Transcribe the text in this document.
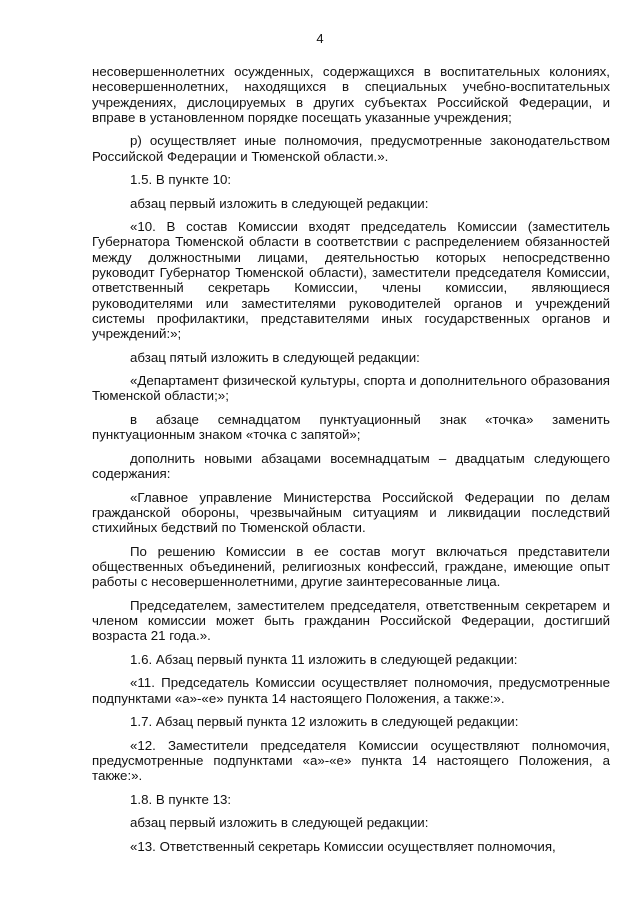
4

несовершеннолетних осужденных, содержащихся в воспитательных колониях, несовершеннолетних, находящихся в специальных учебно-воспитательных учреждениях, дислоцируемых в других субъектах Российской Федерации, и вправе в установленном порядке посещать указанные учреждения;

р) осуществляет иные полномочия, предусмотренные законодательством Российской Федерации и Тюменской области.».

1.5. В пункте 10:

абзац первый изложить в следующей редакции:

«10. В состав Комиссии входят председатель Комиссии (заместитель Губернатора Тюменской области в соответствии с распределением обязанностей между должностными лицами, деятельностью которых непосредственно руководит Губернатор Тюменской области), заместители председателя Комиссии, ответственный секретарь Комиссии, члены комиссии, являющиеся руководителями или заместителями руководителей органов и учреждений системы профилактики, представителями иных государственных органов и учреждений:»;

абзац пятый изложить в следующей редакции:

«Департамент физической культуры, спорта и дополнительного образования Тюменской области;»;

в абзаце семнадцатом пунктуационный знак «точка» заменить пунктуационным знаком «точка с запятой»;

дополнить новыми абзацами восемнадцатым – двадцатым следующего содержания:

«Главное управление Министерства Российской Федерации по делам гражданской обороны, чрезвычайным ситуациям и ликвидации последствий стихийных бедствий по Тюменской области.

По решению Комиссии в ее состав могут включаться представители общественных объединений, религиозных конфессий, граждане, имеющие опыт работы с несовершеннолетними, другие заинтересованные лица.

Председателем, заместителем председателя, ответственным секретарем и членом комиссии может быть гражданин Российской Федерации, достигший возраста 21 года.».

1.6. Абзац первый пункта 11 изложить в следующей редакции:

«11. Председатель Комиссии осуществляет полномочия, предусмотренные подпунктами «а»-«е» пункта 14 настоящего Положения, а также:».

1.7. Абзац первый пункта 12 изложить в следующей редакции:

«12. Заместители председателя Комиссии осуществляют полномочия, предусмотренные подпунктами «а»-«е» пункта 14 настоящего Положения, а также:».

1.8. В пункте 13:

абзац первый изложить в следующей редакции:

«13. Ответственный секретарь Комиссии осуществляет полномочия,
